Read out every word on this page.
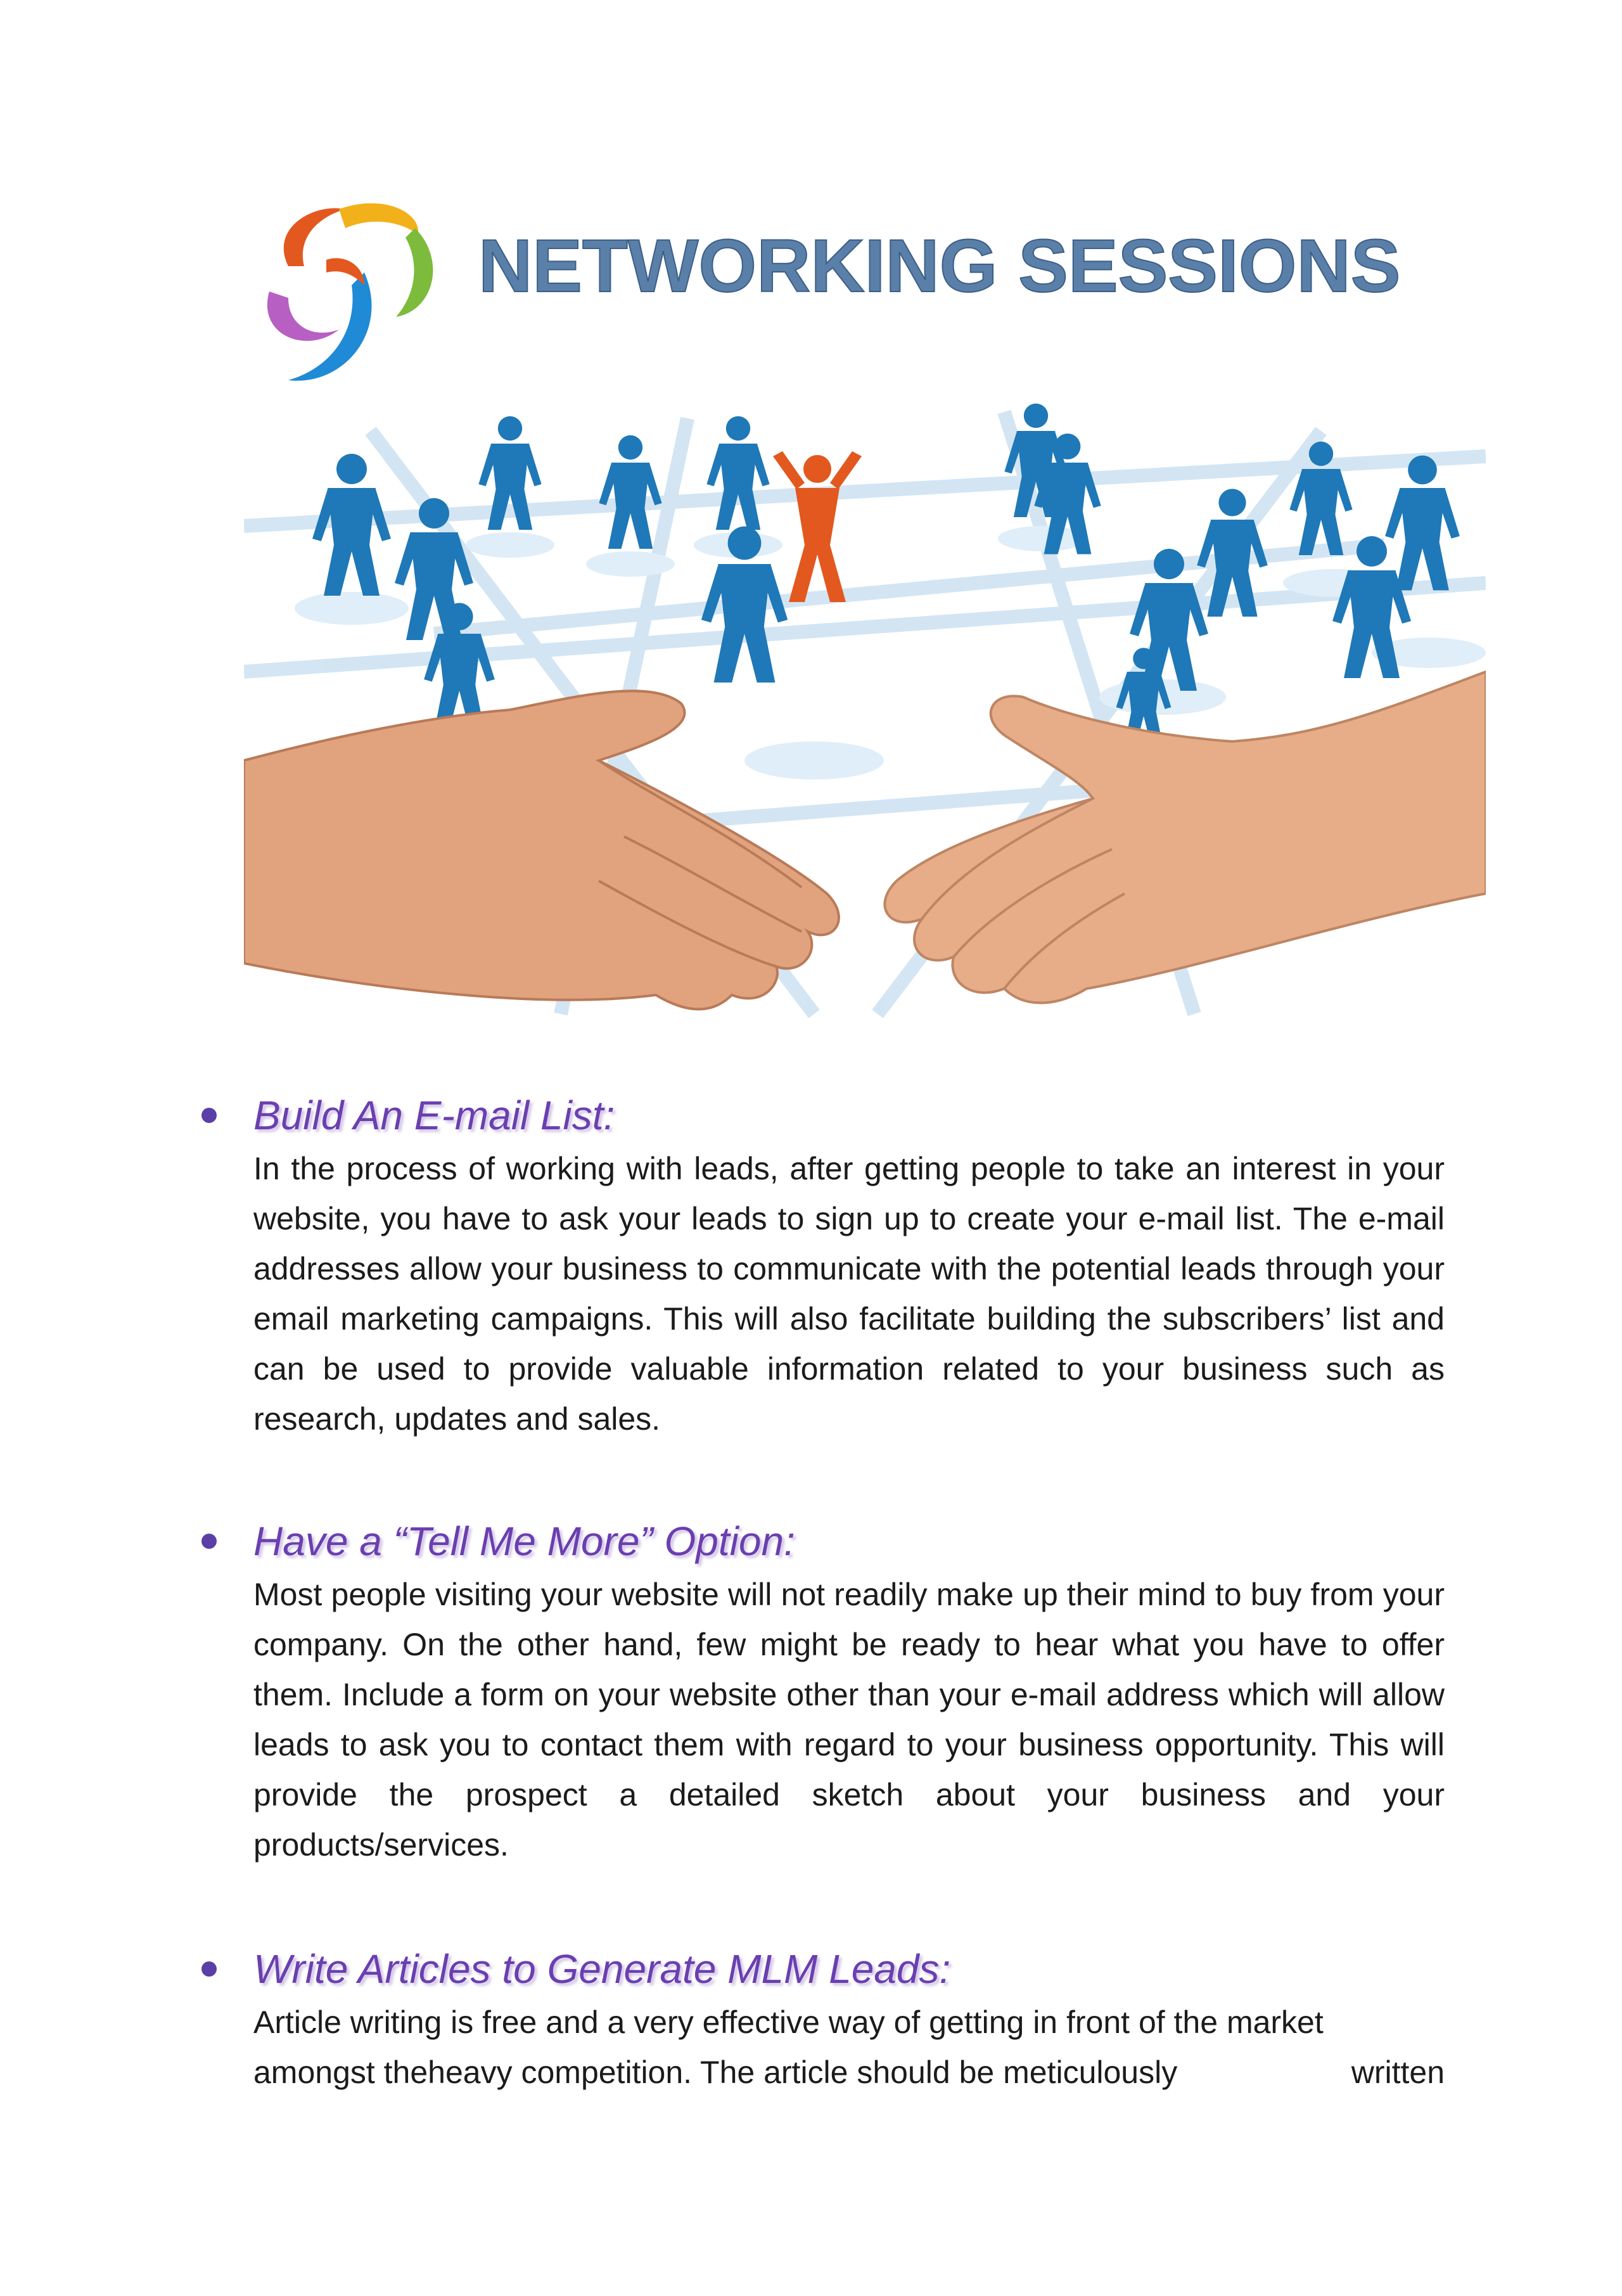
NETWORKING SESSIONS
Build An E-mail List:
In the process of working with leads, after getting people to take an interest in your website, you have to ask your leads to sign up to create your e-mail list. The e-mail addresses allow your business to communicate with the potential leads through your email marketing campaigns. This will also facilitate building the subscribers’ list and can be used to provide valuable information related to your business such as research, updates and sales.
Have a “Tell Me More” Option:
Most people visiting your website will not readily make up their mind to buy from your company. On the other hand, few might be ready to hear what you have to offer them. Include a form on your website other than your e-mail address which will allow leads to ask you to contact them with regard to your business opportunity. This will provide the prospect a detailed sketch about your business and your products/services.
Write Articles to Generate MLM Leads:
Article writing is free and a very effective way of getting in front of the market
amongst theheavy competition. The article should be meticulously	written
